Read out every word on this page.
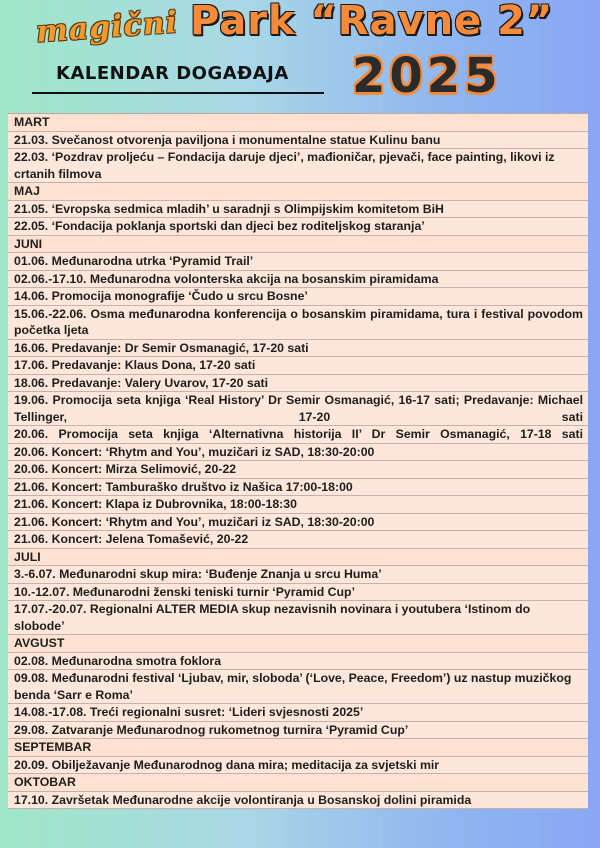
magični Park “Ravne 2”
KALENDAR DOGAĐAJA 2025
MART
21.03. Svečanost otvorenja paviljona i monumentalne statue Kulinu banu
22.03. ‘Pozdrav proljeću – Fondacija daruje djeci’, mađioničar, pjevači, face painting, likovi iz crtanih filmova
MAJ
21.05. ‘Evropska sedmica mladih’ u saradnji s Olimpijskim komitetom BiH
22.05. ‘Fondacija poklanja sportski dan djeci bez roditeljskog staranja’
JUNI
01.06. Međunarodna utrka ‘Pyramid Trail’
02.06.-17.10. Međunarodna volonterska akcija na bosanskim piramidama
14.06. Promocija monografije ‘Čudo u srcu Bosne’
15.06.-22.06. Osma međunarodna konferencija o bosanskim piramidama, tura i festival povodom početka ljeta
16.06. Predavanje: Dr Semir Osmanagić, 17-20 sati
17.06. Predavanje: Klaus Dona, 17-20 sati
18.06. Predavanje: Valery Uvarov, 17-20 sati
19.06. Promocija seta knjiga ‘Real History’ Dr Semir Osmanagić, 16-17 sati; Predavanje: Michael Tellinger, 17-20 sati
20.06. Promocija seta knjiga ‘Alternativna historija II’ Dr Semir Osmanagić, 17-18 sati
20.06. Koncert: ‘Rhytm and You’, muzičari iz SAD, 18:30-20:00
20.06. Koncert: Mirza Selimović, 20-22
21.06. Koncert: Tamburaško društvo iz Našica 17:00-18:00
21.06. Koncert: Klapa iz Dubrovnika, 18:00-18:30
21.06. Koncert: ‘Rhytm and You’, muzičari iz SAD, 18:30-20:00
21.06. Koncert: Jelena Tomašević, 20-22
JULI
3.-6.07. Međunarodni skup mira: ‘Buđenje Znanja u srcu Huma’
10.-12.07. Međunarodni ženski teniski turnir ‘Pyramid Cup’
17.07.-20.07. Regionalni ALTER MEDIA skup nezavisnih novinara i youtubera ‘Istinom do slobode’
AVGUST
02.08. Međunarodna smotra foklora
09.08. Međunarodni festival ‘Ljubav, mir, sloboda’ (‘Love, Peace, Freedom’) uz nastup muzičkog benda ‘Sarr e Roma’
14.08.-17.08. Treći regionalni susret: ‘Lideri svjesnosti 2025’
29.08. Zatvaranje Međunarodnog rukometnog turnira ‘Pyramid Cup’
SEPTEMBAR
20.09. Obilježavanje Međunarodnog dana mira; meditacija za svjetski mir
OKTOBAR
17.10. Završetak Međunarodne akcije volontiranja u Bosanskoj dolini piramida
